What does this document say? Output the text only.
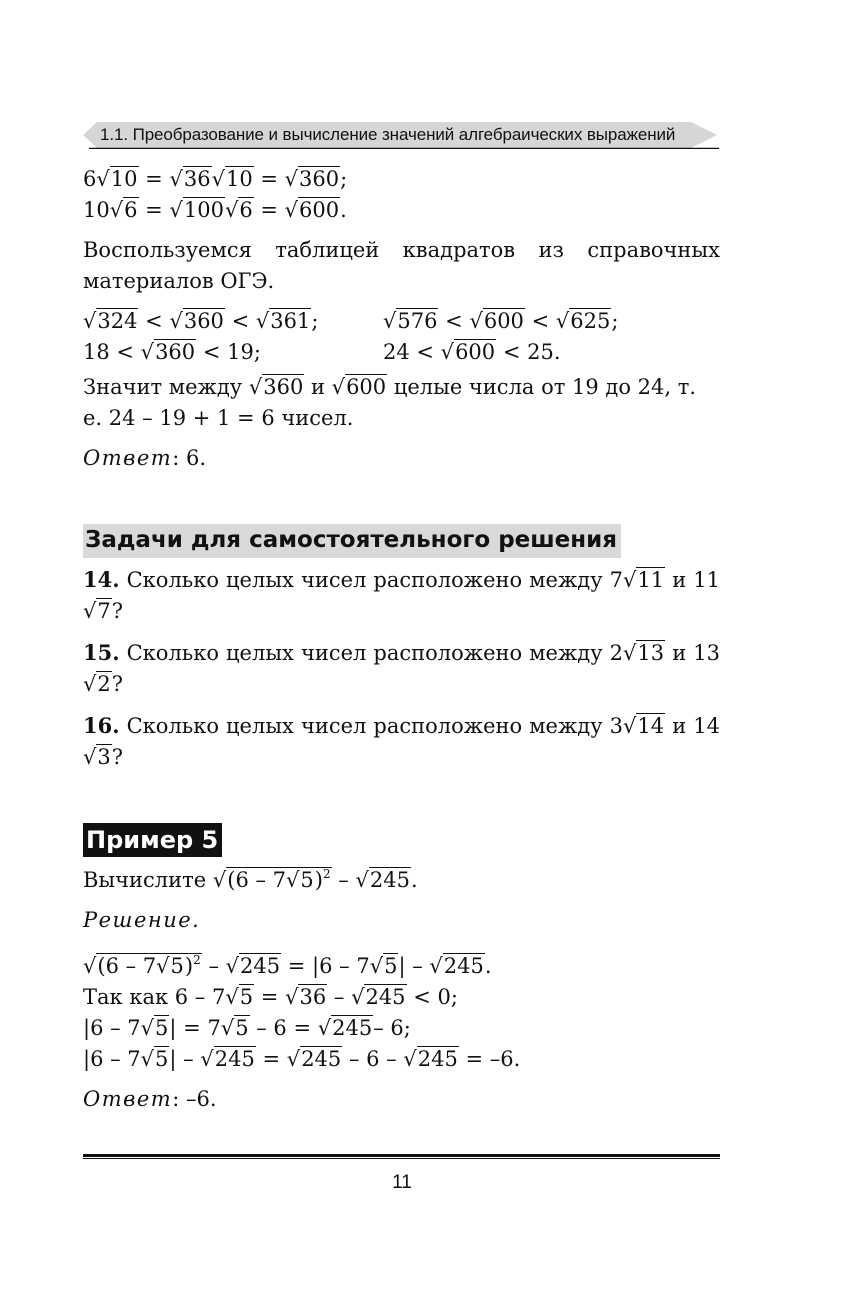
1.1. Преобразование и вычисление значений алгебраических выражений

6√10 = √36√10 = √360;

10√6 = √100√6 = √600.

Воспользуемся таблицей квадратов из справочных материалов ОГЭ.

√324 < √360 < √361;	√576 < √600 < √625;
18 < √360 < 19;	24 < √600 < 25.

Значит между √360 и √600 целые числа от 19 до 24, т. е. 24 – 19 + 1 = 6 чисел.

Ответ: 6.

Задачи для самостоятельного решения

14. Сколько целых чисел расположено между 7√11 и 11√7?

15. Сколько целых чисел расположено между 2√13 и 13√2?

16. Сколько целых чисел расположено между 3√14 и 14√3?

Пример 5

Вычислите √(6 – 7√5)$^2$ – √245.

Решение.

√(6 – 7√5)$^2$ – √245 = |6 – 7√5| – √245.

Так как 6 – 7√5 = √36 – √245 < 0;

|6 – 7√5| = 7√5 – 6 = √245– 6;

|6 – 7√5| – √245 = √245 – 6 – √245 = –6.

Ответ: –6.

11
